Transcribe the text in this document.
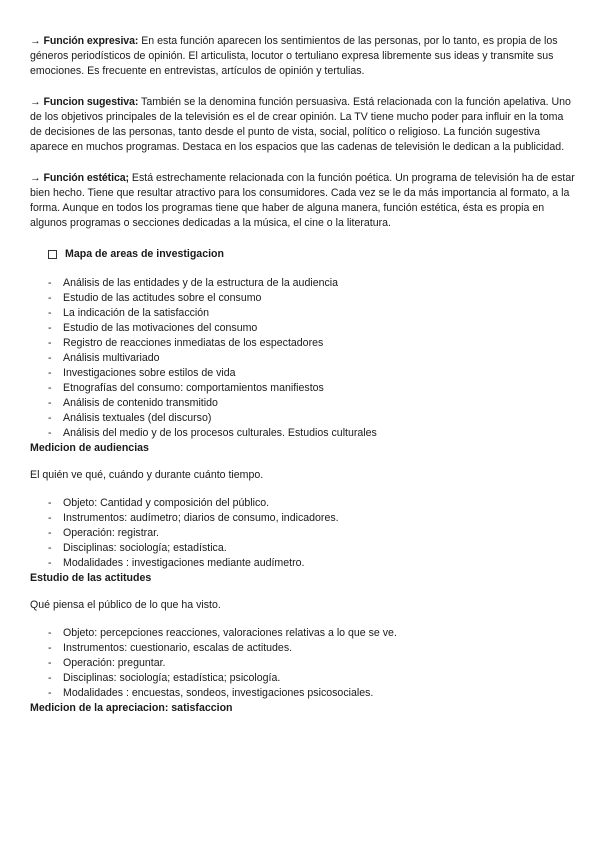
→ Función expresiva: En esta función aparecen los sentimientos de las personas, por lo tanto, es propia de los géneros periodísticos de opinión. El articulista, locutor o tertuliano expresa libremente sus ideas y transmite sus emociones. Es frecuente en entrevistas, artículos de opinión y tertulias.

→ Funcion sugestiva: También se la denomina función persuasiva. Está relacionada con la función apelativa. Uno de los objetivos principales de la televisión es el de crear opinión. La TV tiene mucho poder para influir en la toma de decisiones de las personas, tanto desde el punto de vista, social, político o religioso. La función sugestiva aparece en muchos programas. Destaca en los espacios que las cadenas de televisión le dedican a la publicidad.

→ Función estética; Está estrechamente relacionada con la función poética. Un programa de televisión ha de estar bien hecho. Tiene que resultar atractivo para los consumidores. Cada vez se le da más importancia al formato, a la forma. Aunque en todos los programas tiene que haber de alguna manera, función estética, ésta es propia en algunos programas o secciones dedicadas a la música, el cine o la literatura.

Mapa de areas de investigacion
- Análisis de las entidades y de la estructura de la audiencia
- Estudio de las actitudes sobre el consumo
- La indicación de la satisfacción
- Estudio de las motivaciones del consumo
- Registro de reacciones inmediatas de los espectadores
- Análisis multivariado
- Investigaciones sobre estilos de vida
- Etnografías del consumo: comportamientos manifiestos
- Análisis de contenido transmitido
- Análisis textuales (del discurso)
- Análisis del medio y de los procesos culturales. Estudios culturales

Medicion de audiencias

El quién ve qué, cuándo y durante cuánto tiempo.

- Objeto: Cantidad y composición del público.
- Instrumentos: audímetro; diarios de consumo, indicadores.
- Operación: registrar.
- Disciplinas: sociología; estadística.
- Modalidades : investigaciones mediante audímetro.

Estudio de las actitudes

Qué piensa el público de lo que ha visto.

- Objeto: percepciones reacciones, valoraciones relativas a lo que se ve.
- Instrumentos: cuestionario, escalas de actitudes.
- Operación: preguntar.
- Disciplinas: sociología; estadística; psicología.
- Modalidades : encuestas, sondeos, investigaciones psicosociales.

Medicion de la apreciacion: satisfaccion
